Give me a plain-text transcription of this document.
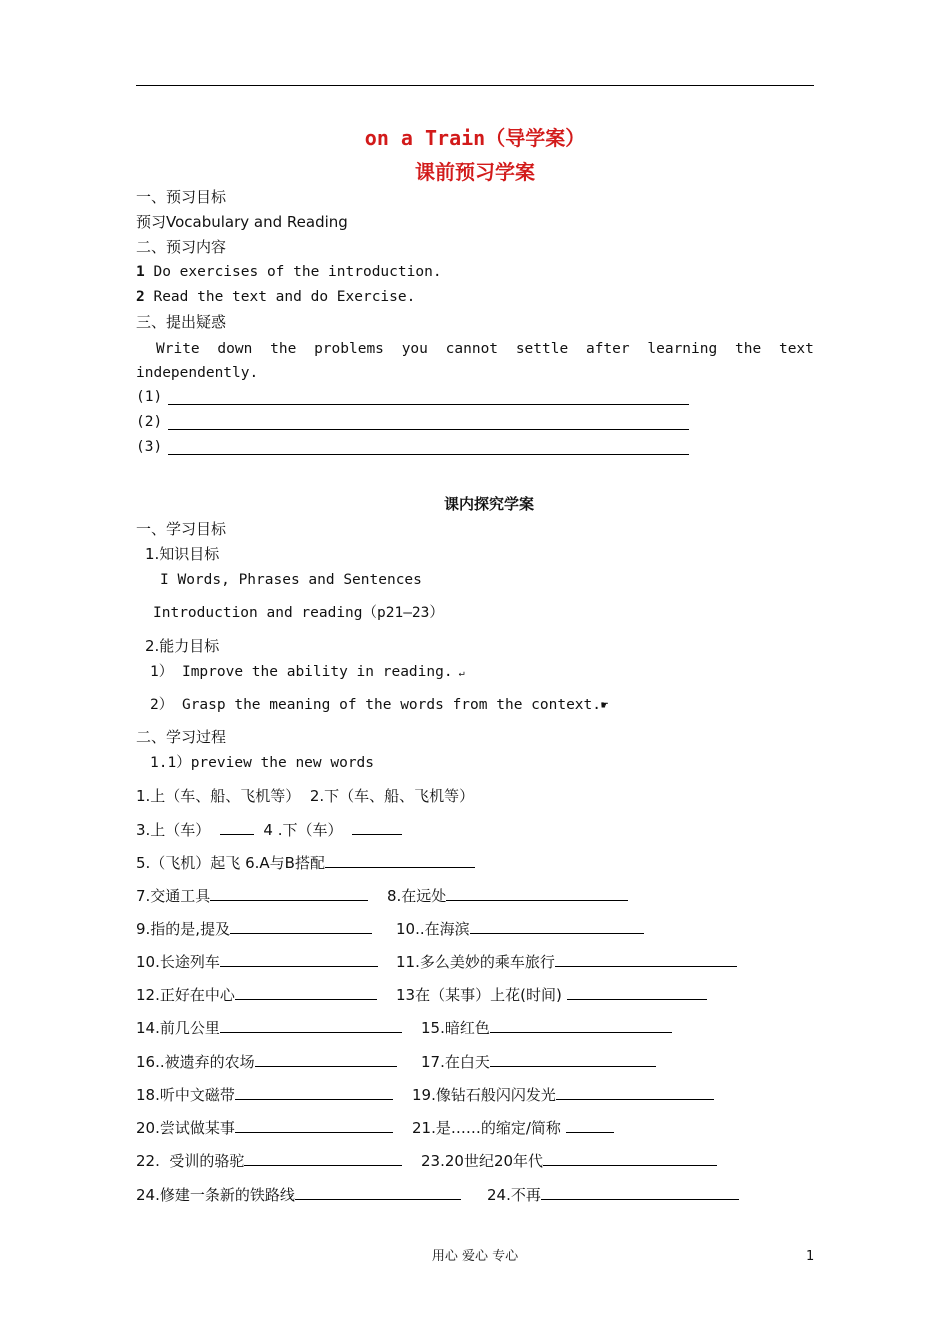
on a Train（导学案）
课前预习学案
一、预习目标
预习Vocabulary and Reading
二、预习内容
1 Do exercises of the introduction.
2 Read the text and do Exercise.
三、提出疑惑
Write down the problems you cannot settle after learning the text
independently.
(1)
(2)
(3)
课内探究学案
一、学习目标
1.知识目标
I Words, Phrases and Sentences
Introduction and reading（p21—23）
2.能力目标
1） Improve the ability in reading. ↵
2） Grasp the meaning of the words from the context.☛
二、学习过程
1.1）preview the new words
1.上（车、船、飞机等） 2.下（车、船、飞机等）
3.上（车）	4 .下（车）
5.（飞机）起飞 6.A与B搭配
7.交通工具	8.在远处
9.指的是,提及	10..在海滨
10.长途列车	11.多么美妙的乘车旅行
12.正好在中心	13在（某事）上花(时间)
14.前几公里	15.暗红色
16..被遗弃的农场	17.在白天
18.听中文磁带	19.像钻石般闪闪发光
20.尝试做某事	21.是……的缩定/简称
22.  受训的骆驼	23.20世纪20年代
24.修建一条新的铁路线	24.不再
用心 爱心 专心	1
